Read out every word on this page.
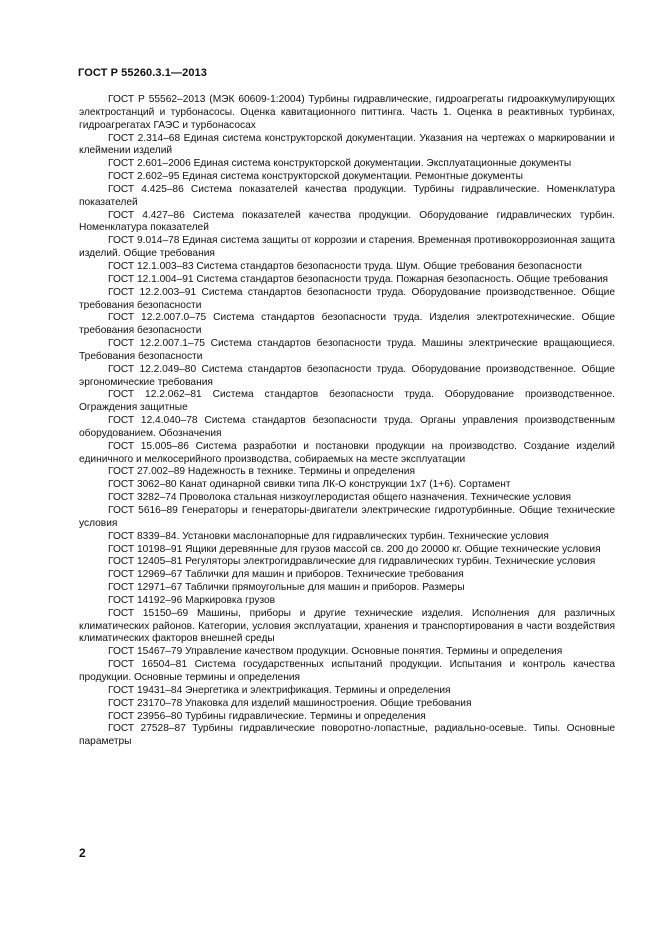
ГОСТ Р 55260.3.1—2013

ГОСТ Р 55562–2013 (МЭК 60609-1:2004) Турбины гидравлические, гидроагрегаты гидроаккумулирующих электростанций и турбонасосы. Оценка кавитационного питтинга. Часть 1. Оценка в реактивных турбинах, гидроагрегатах ГАЭС и турбонасосах

ГОСТ 2.314–68 Единая система конструкторской документации. Указания на чертежах о маркировании и клеймении изделий

ГОСТ 2.601–2006 Единая система конструкторской документации. Эксплуатационные документы

ГОСТ 2.602–95 Единая система конструкторской документации. Ремонтные документы

ГОСТ 4.425–86 Система показателей качества продукции. Турбины гидравлические. Номенклатура показателей

ГОСТ 4.427–86 Система показателей качества продукции. Оборудование гидравлических турбин. Номенклатура показателей

ГОСТ 9.014–78 Единая система защиты от коррозии и старения. Временная противокоррозионная защита изделий. Общие требования

ГОСТ 12.1.003–83 Система стандартов безопасности труда. Шум. Общие требования безопасности

ГОСТ 12.1.004–91 Система стандартов безопасности труда. Пожарная безопасность. Общие требования

ГОСТ 12.2.003–91 Система стандартов безопасности труда. Оборудование производственное. Общие требования безопасности

ГОСТ 12.2.007.0–75 Система стандартов безопасности труда. Изделия электротехнические. Общие требования безопасности

ГОСТ 12.2.007.1–75 Система стандартов безопасности труда. Машины электрические вращающиеся. Требования безопасности

ГОСТ 12.2.049–80 Система стандартов безопасности труда. Оборудование производственное. Общие эргономические требования

ГОСТ 12.2.062–81 Система стандартов безопасности труда. Оборудование производственное. Ограждения защитные

ГОСТ 12.4.040–78 Система стандартов безопасности труда. Органы управления производственным оборудованием. Обозначения

ГОСТ 15.005–86 Система разработки и постановки продукции на производство. Создание изделий единичного и мелкосерийного производства, собираемых на месте эксплуатации

ГОСТ 27.002–89 Надежность в технике. Термины и определения

ГОСТ 3062–80 Канат одинарной свивки типа ЛК-О конструкции 1х7 (1+6). Сортамент

ГОСТ 3282–74 Проволока стальная низкоуглеродистая общего назначения. Технические условия

ГОСТ 5616–89 Генераторы и генераторы-двигатели электрические гидротурбинные. Общие технические условия

ГОСТ 8339–84. Установки маслонапорные для гидравлических турбин. Технические условия

ГОСТ 10198–91 Ящики деревянные для грузов массой св. 200 до 20000 кг. Общие технические условия

ГОСТ 12405–81 Регуляторы электрогидравлические для гидравлических турбин. Технические условия

ГОСТ 12969–67 Таблички для машин и приборов. Технические требования

ГОСТ 12971–67 Таблички прямоугольные для машин и приборов. Размеры

ГОСТ 14192–96 Маркировка грузов

ГОСТ 15150–69 Машины, приборы и другие технические изделия. Исполнения для различных климатических районов. Категории, условия эксплуатации, хранения и транспортирования в части воздействия климатических факторов внешней среды

ГОСТ 15467–79 Управление качеством продукции. Основные понятия. Термины и определения

ГОСТ 16504–81 Система государственных испытаний продукции. Испытания и контроль качества продукции. Основные термины и определения

ГОСТ 19431–84 Энергетика и электрификация. Термины и определения

ГОСТ 23170–78 Упаковка для изделий машиностроения. Общие требования

ГОСТ 23956–80 Турбины гидравлические. Термины и определения

ГОСТ 27528–87 Турбины гидравлические поворотно-лопастные, радиально-осевые. Типы. Основные параметры

2
